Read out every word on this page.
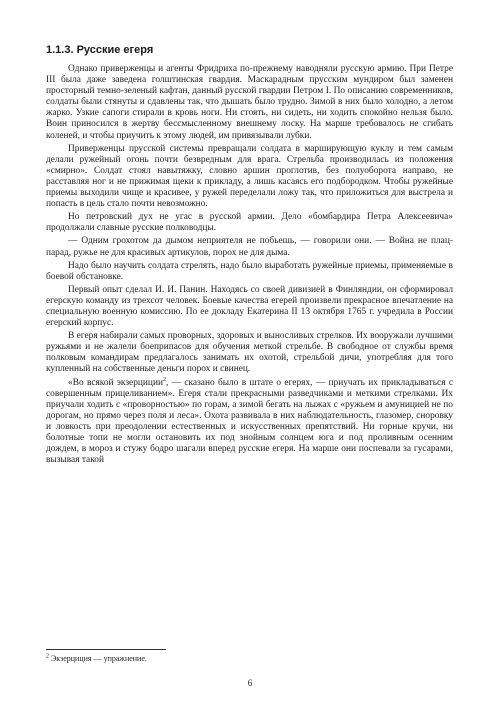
1.1.3. Русские егеря

Однако приверженцы и агенты Фридриха по-прежнему наводняли русскую армию. При Петре III была даже заведена голштинская гвардия. Маскарадным прусским мундиром был заменен просторный темно-зеленый кафтан, данный русской гвардии Петром I. По описанию современников, солдаты были стянуты и сдавлены так, что дышать было трудно. Зимой в них было холодно, а летом жарко. Узкие сапоги стирали в кровь ноги. Ни стоять, ни сидеть, ни ходить спокойно нельзя было. Воин приносился в жертву бессмысленному внешнему лоску. На марше требовалось не сгибать коленей, и чтобы приучить к этому людей, им привязывали лубки.

Приверженцы прусской системы превращали солдата в марширующую куклу и тем самым делали ружейный огонь почти безвредным для врага. Стрельба производилась из положения «смирно». Солдат стоял навытяжку, словно аршин проглотив, без полуоборота направо, не расставляя ног и не прижимая щеки к прикладу, а лишь касаясь его подбородком. Чтобы ружейные приемы выходили чище и красивее, у ружей переделали ложу так, что приложиться для выстрела и попасть в цель стало почти невозможно.

Но петровский дух не угас в русской армии. Дело «бомбардира Петра Алексеевича» продолжали славные русские полководцы.

— Одним грохотом да дымом неприятеля не побьешь, — говорили они. — Война не плац-парад, ружье не для красивых артикулов, порох не для дыма.

Надо было научить солдата стрелять, надо было выработать ружейные приемы, применяемые в боевой обстановке.

Первый опыт сделал И. И. Панин. Находясь со своей дивизией в Финляндии, он сформировал егерскую команду из трехсот человек. Боевые качества егерей произвели прекрасное впечатление на специальную военную комиссию. По ее докладу Екатерина II 13 октября 1765 г. учредила в России егерский корпус.

В егеря набирали самых проворных, здоровых и выносливых стрелков. Их вооружали лучшими ружьями и не жалели боеприпасов для обучения меткой стрельбе. В свободное от службы время полковым командирам предлагалось занимать их охотой, стрельбой дичи, употребляя для того купленный на собственные деньги порох и свинец.

«Во всякой экзерциции$^2$, — сказано было в штате о егерях, — приучать их прикладываться с совершенным прицеливанием». Егеря стали прекрасными разведчиками и меткими стрелками. Их приучали ходить с «проворностью» по горам, а зимой бегать на лыжах с «ружьем и амуницией не по дорогам, но прямо через поля и леса». Охота развивала в них наблюдательность, глазомер, сноровку и ловкость при преодолении естественных и искусственных препятствий. Ни горные кручи, ни болотные топи не могли остановить их под знойным солнцем юга и под проливным осенним дождем, в мороз и стужу бодро шагали вперед русские егеря. На марше они поспевали за гусарами, вызывая такой

$^2$ Экзерциция — упражнение.
6
